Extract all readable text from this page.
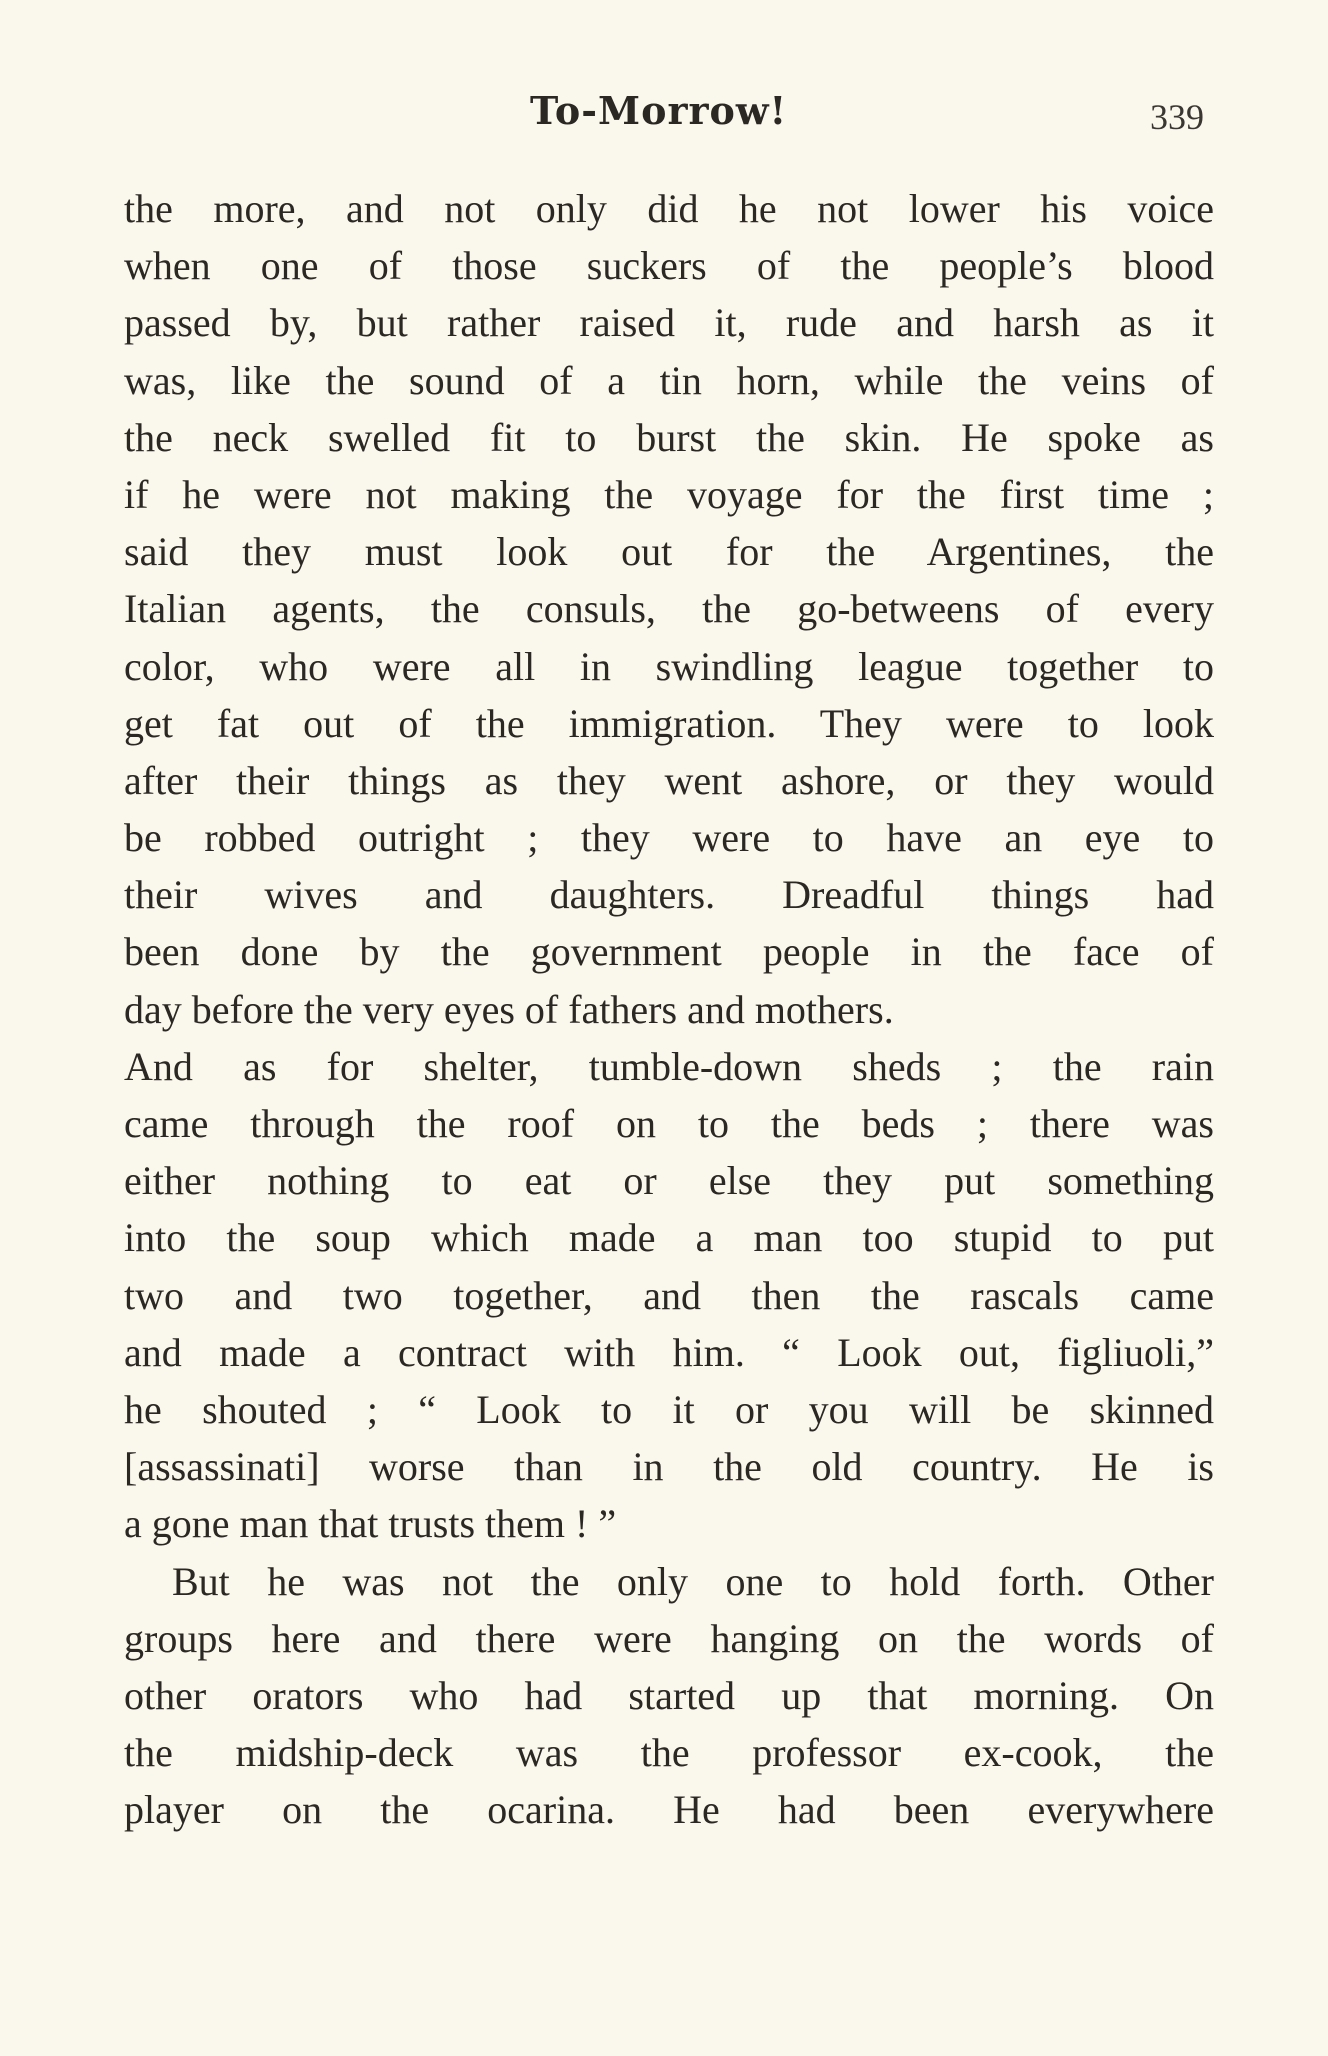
To-Morrow!	339
the more, and not only did he not lower his voice
when one of those suckers of the people’s blood
passed by, but rather raised it, rude and harsh as it
was, like the sound of a tin horn, while the veins of
the neck swelled fit to burst the skin. He spoke as
if he were not making the voyage for the first time ;
said they must look out for the Argentines, the
Italian agents, the consuls, the go-betweens of every
color, who were all in swindling league together to
get fat out of the immigration. They were to look
after their things as they went ashore, or they would
be robbed outright ; they were to have an eye to
their wives and daughters. Dreadful things had
been done by the government people in the face of
day before the very eyes of fathers and mothers.
And as for shelter, tumble-down sheds ; the rain
came through the roof on to the beds ; there was
either nothing to eat or else they put something
into the soup which made a man too stupid to put
two and two together, and then the rascals came
and made a contract with him. “ Look out, figliuoli,”
he shouted ; “ Look to it or you will be skinned
[assassinati] worse than in the old country. He is
a gone man that trusts them ! ”
But he was not the only one to hold forth. Other
groups here and there were hanging on the words of
other orators who had started up that morning. On
the midship-deck was the professor ex-cook, the
player on the ocarina. He had been everywhere
